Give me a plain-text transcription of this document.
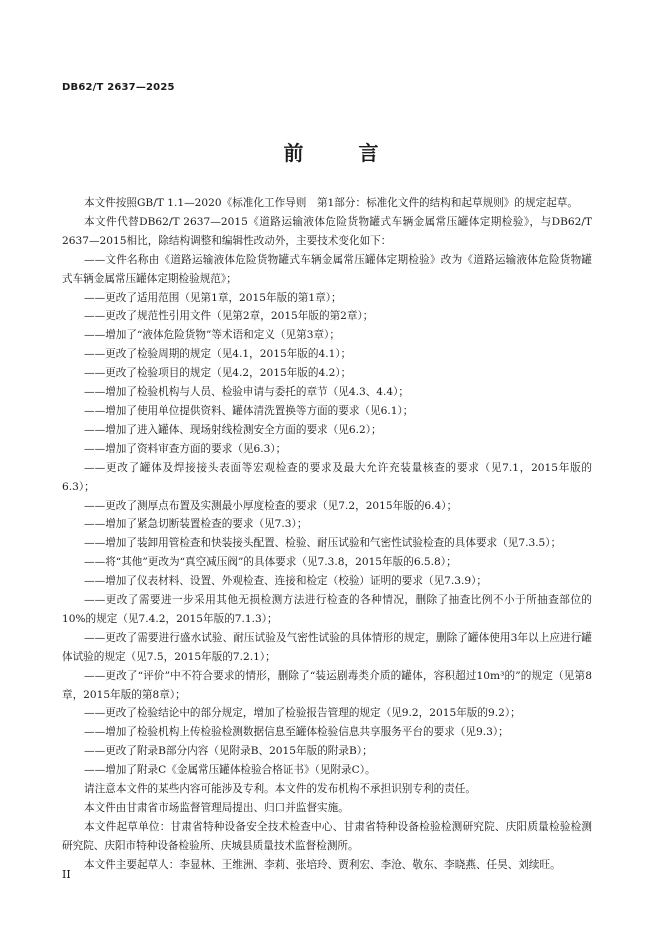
DB62/T 2637—2025
前 言

本文件按照GB/T 1.1—2020《标准化工作导则　第1部分：标准化文件的结构和起草规则》的规定起草。

本文件代替DB62/T 2637—2015《道路运输液体危险货物罐式车辆金属常压罐体定期检验》，与DB62/T 2637—2015相比，除结构调整和编辑性改动外，主要技术变化如下：

——文件名称由《道路运输液体危险货物罐式车辆金属常压罐体定期检验》改为《道路运输液体危险货物罐式车辆金属常压罐体定期检验规范》；

——更改了适用范围（见第1章，2015年版的第1章）；

——更改了规范性引用文件（见第2章，2015年版的第2章）；

——增加了“液体危险货物”等术语和定义（见第3章）；

——更改了检验周期的规定（见4.1，2015年版的4.1）；

——更改了检验项目的规定（见4.2，2015年版的4.2）；

——增加了检验机构与人员、检验申请与委托的章节（见4.3、4.4）；

——增加了使用单位提供资料、罐体清洗置换等方面的要求（见6.1）；

——增加了进入罐体、现场射线检测安全方面的要求（见6.2）；

——增加了资料审查方面的要求（见6.3）；

——更改了罐体及焊接接头表面等宏观检查的要求及最大允许充装量核查的要求（见7.1，2015年版的6.3）；

——更改了测厚点布置及实测最小厚度检查的要求（见7.2，2015年版的6.4）；

——增加了紧急切断装置检查的要求（见7.3）；

——增加了装卸用管检查和快装接头配置、检验、耐压试验和气密性试验检查的具体要求（见7.3.5）；

——将“其他”更改为“真空减压阀”的具体要求（见7.3.8，2015年版的6.5.8）；

——增加了仪表材料、设置、外观检查、连接和检定（校验）证明的要求（见7.3.9）；

——更改了需要进一步采用其他无损检测方法进行检查的各种情况，删除了抽查比例不小于所抽查部位的10%的规定（见7.4.2，2015年版的7.1.3）；

——更改了需要进行盛水试验、耐压试验及气密性试验的具体情形的规定，删除了罐体使用3年以上应进行罐体试验的规定（见7.5，2015年版的7.2.1）；

——更改了“评价”中不符合要求的情形，删除了“装运剧毒类介质的罐体，容积超过10m³的”的规定（见第8章，2015年版的第8章）；

——更改了检验结论中的部分规定，增加了检验报告管理的规定（见9.2，2015年版的9.2）；

——增加了检验机构上传检验检测数据信息至罐体检验信息共享服务平台的要求（见9.3）；

——更改了附录B部分内容（见附录B、2015年版的附录B）；

——增加了附录C《金属常压罐体检验合格证书》（见附录C）。

请注意本文件的某些内容可能涉及专利。本文件的发布机构不承担识别专利的责任。

本文件由甘肃省市场监督管理局提出、归口并监督实施。

本文件起草单位：甘肃省特种设备安全技术检查中心、甘肃省特种设备检验检测研究院、庆阳质量检验检测研究院、庆阳市特种设备检验所、庆城县质量技术监督检测所。

本文件主要起草人：李显林、王维洲、李莉、张培玲、贾利宏、李沧、敬东、李晓燕、任昊、刘续旺。

II
